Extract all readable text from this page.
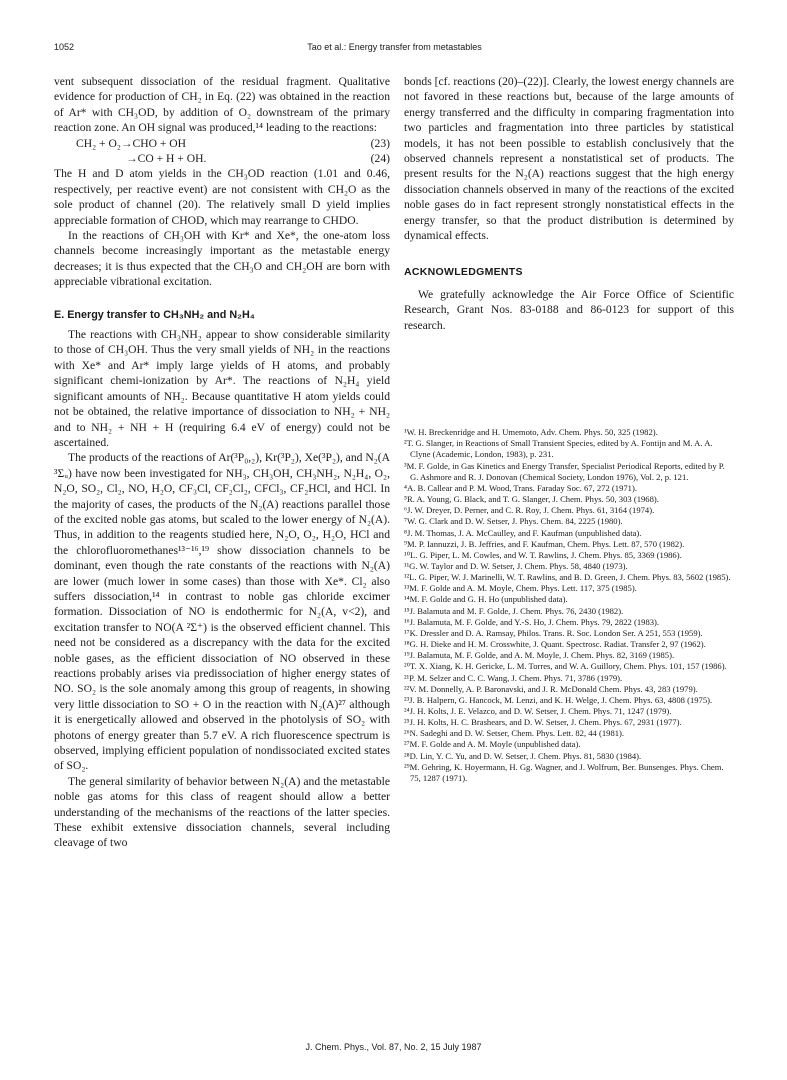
1052	Tao et al.: Energy transfer from metastables

vent subsequent dissociation of the residual fragment. Qualitative evidence for production of CH₂ in Eq. (22) was obtained in the reaction of Ar* with CH₃OD, by addition of O₂ downstream of the primary reaction zone. An OH signal was produced,¹⁴ leading to the reactions:

CH₂ + O₂→CHO + OH	(23)
→CO + H + OH.	(24)

The H and D atom yields in the CH₃OD reaction (1.01 and 0.46, respectively, per reactive event) are not consistent with CH₂O as the sole product of channel (20). The relatively small D yield implies appreciable formation of CHOD, which may rearrange to CHDO.

In the reactions of CH₃OH with Kr* and Xe*, the one-atom loss channels become increasingly important as the metastable energy decreases; it is thus expected that the CH₃O and CH₂OH are born with appreciable vibrational excitation.

E. Energy transfer to CH₃NH₂ and N₂H₄

The reactions with CH₃NH₂ appear to show considerable similarity to those of CH₃OH. Thus the very small yields of NH₂ in the reactions with Xe* and Ar* imply large yields of H atoms, and probably significant chemi-ionization by Ar*. The reactions of N₂H₄ yield significant amounts of NH₂. Because quantitative H atom yields could not be obtained, the relative importance of dissociation to NH₂ + NH₂ and to NH₂ + NH + H (requiring 6.4 eV of energy) could not be ascertained.

The products of the reactions of Ar(³P₀,₂), Kr(³P₂), Xe(³P₂), and N₂(A ³Σᵤ) have now been investigated for NH₃, CH₃OH, CH₃NH₂, N₂H₄, O₂, N₂O, SO₂, Cl₂, NO, H₂O, CF₃Cl, CF₂Cl₂, CFCl₃, CF₂HCl, and HCl. In the majority of cases, the products of the N₂(A) reactions parallel those of the excited noble gas atoms, but scaled to the lower energy of N₂(A). Thus, in addition to the reagents studied here, N₂O, O₂, H₂O, HCl and the chlorofluoromethanes¹³⁻¹⁶,¹⁹ show dissociation channels to be dominant, even though the rate constants of the reactions with N₂(A) are lower (much lower in some cases) than those with Xe*. Cl₂ also suffers dissociation,¹⁴ in contrast to noble gas chloride excimer formation. Dissociation of NO is endothermic for N₂(A, v<2), and excitation transfer to NO(A ²Σ⁺) is the observed efficient channel. This need not be considered as a discrepancy with the data for the excited noble gases, as the efficient dissociation of NO observed in these reactions probably arises via predissociation of higher energy states of NO. SO₂ is the sole anomaly among this group of reagents, in showing very little dissociation to SO + O in the reaction with N₂(A)²⁷ although it is energetically allowed and observed in the photolysis of SO₂ with photons of energy greater than 5.7 eV. A rich fluorescence spectrum is observed, implying efficient population of nondissociated excited states of SO₂.

The general similarity of behavior between N₂(A) and the metastable noble gas atoms for this class of reagent should allow a better understanding of the mechanisms of the reactions of the latter species. These exhibit extensive dissociation channels, several including cleavage of two

bonds [cf. reactions (20)–(22)]. Clearly, the lowest energy channels are not favored in these reactions but, because of the large amounts of energy transferred and the difficulty in comparing fragmentation into two particles and fragmentation into three particles by statistical models, it has not been possible to establish conclusively that the observed channels represent a nonstatistical set of products. The present results for the N₂(A) reactions suggest that the high energy dissociation channels observed in many of the reactions of the excited noble gases do in fact represent strongly nonstatistical effects in the energy transfer, so that the product distribution is determined by dynamical effects.

ACKNOWLEDGMENTS

We gratefully acknowledge the Air Force Office of Scientific Research, Grant Nos. 83-0188 and 86-0123 for support of this research.

¹W. H. Breckenridge and H. Umemoto, Adv. Chem. Phys. 50, 325 (1982).
²T. G. Slanger, in Reactions of Small Transient Species, edited by A. Fontijn and M. A. A. Clyne (Academic, London, 1983), p. 231.
³M. F. Golde, in Gas Kinetics and Energy Transfer, Specialist Periodical Reports, edited by P. G. Ashmore and R. J. Donovan (Chemical Society, London 1976), Vol. 2, p. 121.
⁴A. B. Callear and P. M. Wood, Trans. Faraday Soc. 67, 272 (1971).
⁵R. A. Young, G. Black, and T. G. Slanger, J. Chem. Phys. 50, 303 (1968).
⁶J. W. Dreyer, D. Perner, and C. R. Roy, J. Chem. Phys. 61, 3164 (1974).
⁷W. G. Clark and D. W. Setser, J. Phys. Chem. 84, 2225 (1980).
⁸J. M. Thomas, J. A. McCaulley, and F. Kaufman (unpublished data).
⁹M. P. Iannuzzi, J. B. Jeffries, and F. Kaufman, Chem. Phys. Lett. 87, 570 (1982).
¹⁰L. G. Piper, L. M. Cowles, and W. T. Rawlins, J. Chem. Phys. 85, 3369 (1986).
¹¹G. W. Taylor and D. W. Setser, J. Chem. Phys. 58, 4840 (1973).
¹²L. G. Piper, W. J. Marinelli, W. T. Rawlins, and B. D. Green, J. Chem. Phys. 83, 5602 (1985).
¹³M. F. Golde and A. M. Moyle, Chem. Phys. Lett. 117, 375 (1985).
¹⁴M. F. Golde and G. H. Ho (unpublished data).
¹⁵J. Balamuta and M. F. Golde, J. Chem. Phys. 76, 2430 (1982).
¹⁶J. Balamuta, M. F. Golde, and Y.-S. Ho, J. Chem. Phys. 79, 2822 (1983).
¹⁷K. Dressler and D. A. Ramsay, Philos. Trans. R. Soc. London Ser. A 251, 553 (1959).
¹⁸G. H. Dieke and H. M. Crosswhite, J. Quant. Spectrosc. Radiat. Transfer 2, 97 (1962).
¹⁹J. Balamuta, M. F. Golde, and A. M. Moyle, J. Chem. Phys. 82, 3169 (1985).
²⁰T. X. Xiang, K. H. Gericke, L. M. Torres, and W. A. Guillory, Chem. Phys. 101, 157 (1986).
²¹P. M. Selzer and C. C. Wang, J. Chem. Phys. 71, 3786 (1979).
²²V. M. Donnelly, A. P. Baronavski, and J. R. McDonald Chem. Phys. 43, 283 (1979).
²³J. B. Halpern, G. Hancock, M. Lenzi, and K. H. Welge, J. Chem. Phys. 63, 4808 (1975).
²⁴J. H. Kolts, J. E. Velazco, and D. W. Setser, J. Chem. Phys. 71, 1247 (1979).
²⁵J. H. Kolts, H. C. Brashears, and D. W. Setser, J. Chem. Phys. 67, 2931 (1977).
²⁶N. Sadeghi and D. W. Setser, Chem. Phys. Lett. 82, 44 (1981).
²⁷M. F. Golde and A. M. Moyle (unpublished data).
²⁸D. Lin, Y. C. Yu, and D. W. Setser, J. Chem. Phys. 81, 5830 (1984).
²⁹M. Gehring, K. Hoyermann, H. Gg. Wagner, and J. Wolfrum, Ber. Bunsenges. Phys. Chem. 75, 1287 (1971).
J. Chem. Phys., Vol. 87, No. 2, 15 July 1987
